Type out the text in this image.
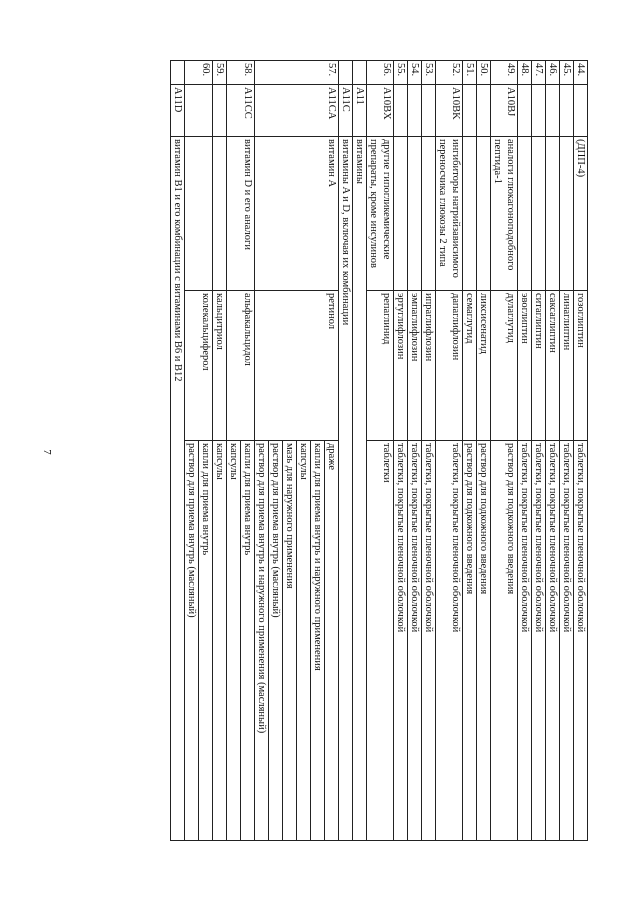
7
44.		(ДПП-4)	гозоглиптин	таблетки, покрытые пленочной оболочкой
45.			линаглиптин	таблетки, покрытые пленочной оболочкой
46.			саксаглиптин	таблетки, покрытые пленочной оболочкой
47.			ситаглиптин	таблетки, покрытые пленочной оболочкой
48.			эвоглиптин	таблетки, покрытые пленочной оболочкой
49.	A10BJ	аналоги глюкагоноподобного пептида-1	дулаглутид	раствор для подкожного введения
50.			ликсисенатид	раствор для подкожного введения
51.			семаглутид	раствор для подкожного введения
52.	A10BK	ингибиторы натрийзависимого переносчика глюкозы 2 типа	дапаглифлозин	таблетки, покрытые пленочной оболочкой
53.			ипраглифлозин	таблетки, покрытые пленочной оболочкой
54.			эмпаглифлозин	таблетки, покрытые пленочной оболочкой
55.			эртуглифлозин	таблетки, покрытые пленочной оболочкой
56.	A10BX	другие гипогликемические препараты, кроме инсулинов	репаглинид	таблетки
	A11	витамины		
	A11C	витамины A и D, включая их комбинации		
57.	A11CA	витамин A	ретинол	драже
				капли для приема внутрь и наружного применения
				капсулы
				мазь для наружного применения
				раствор для приема внутрь (масляный)
				раствор для приема внутрь и наружного применения (масляный)
58.	A11CC	витамин D и его аналоги	альфакальцидол	капли для приема внутрь
				капсулы
59.			кальцитриол	капсулы
60.			колекальциферол	капли для приема внутрь
				раствор для приема внутрь (масляный)
	A11D	витамин B1 и его комбинации с витаминами B6 и B12		
